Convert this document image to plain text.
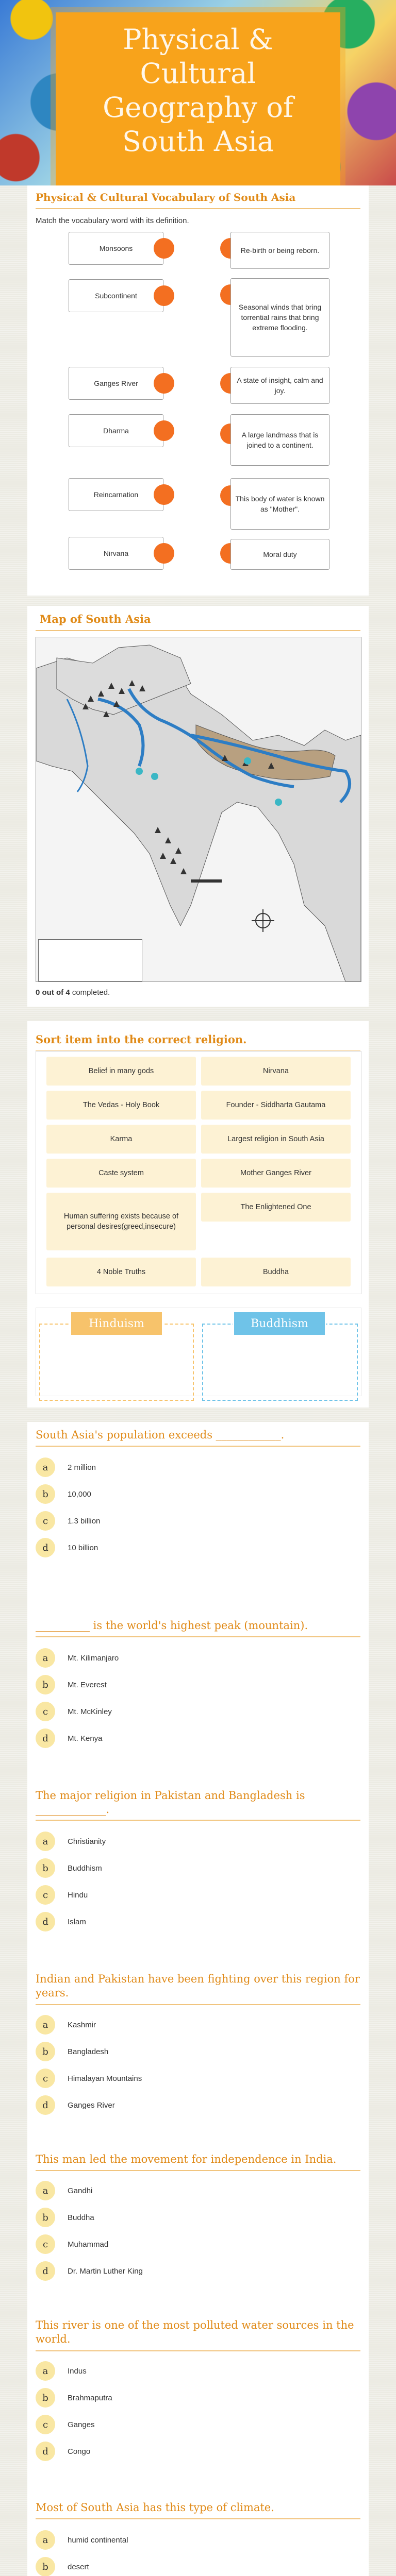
Physical & Cultural Geography of South Asia
Physical & Cultural Vocabulary of South Asia

Match the vocabulary word with its definition.

Monsoons
Subcontinent
Ganges River
Dharma
Reincarnation
Nirvana
Re-birth or being reborn.
Seasonal winds that bring torrential rains that bring extreme flooding.
A state of insight, calm and joy.
A large landmass that is joined to a continent.
This body of water is known as "Mother".
Moral duty
Map of South Asia
0 out of 4 completed.
Sort item into the correct religion.
Belief in many gods	Nirvana
The Vedas - Holy Book	Founder - Siddharta Gautama
Karma	Largest religion in South Asia
Caste system	Mother Ganges River
Human suffering exists because of personal desires(greed,insecure)
The Enlightened One
4 Noble Truths	Buddha
Hinduism	Buddhism
South Asia's population exceeds ____________.
a	2 million
b	10,000
c	1.3 billion
d	10 billion
__________ is the world's highest peak (mountain).
a	Mt. Kilimanjaro
b	Mt. Everest
c	Mt. McKinley
d	Mt. Kenya
The major religion in Pakistan and Bangladesh is _____________.
a	Christianity
b	Buddhism
c	Hindu
d	Islam
Indian and Pakistan have been fighting over this region for years.
a	Kashmir
b	Bangladesh
c	Himalayan Mountains
d	Ganges River
This man led the movement for independence in India.
a	Gandhi
b	Buddha
c	Muhammad
d	Dr. Martin Luther King
This river is one of the most polluted water sources in the world.
a	Indus
b	Brahmaputra
c	Ganges
d	Congo
Most of South Asia has this type of climate.
a	humid continental
b	desert
